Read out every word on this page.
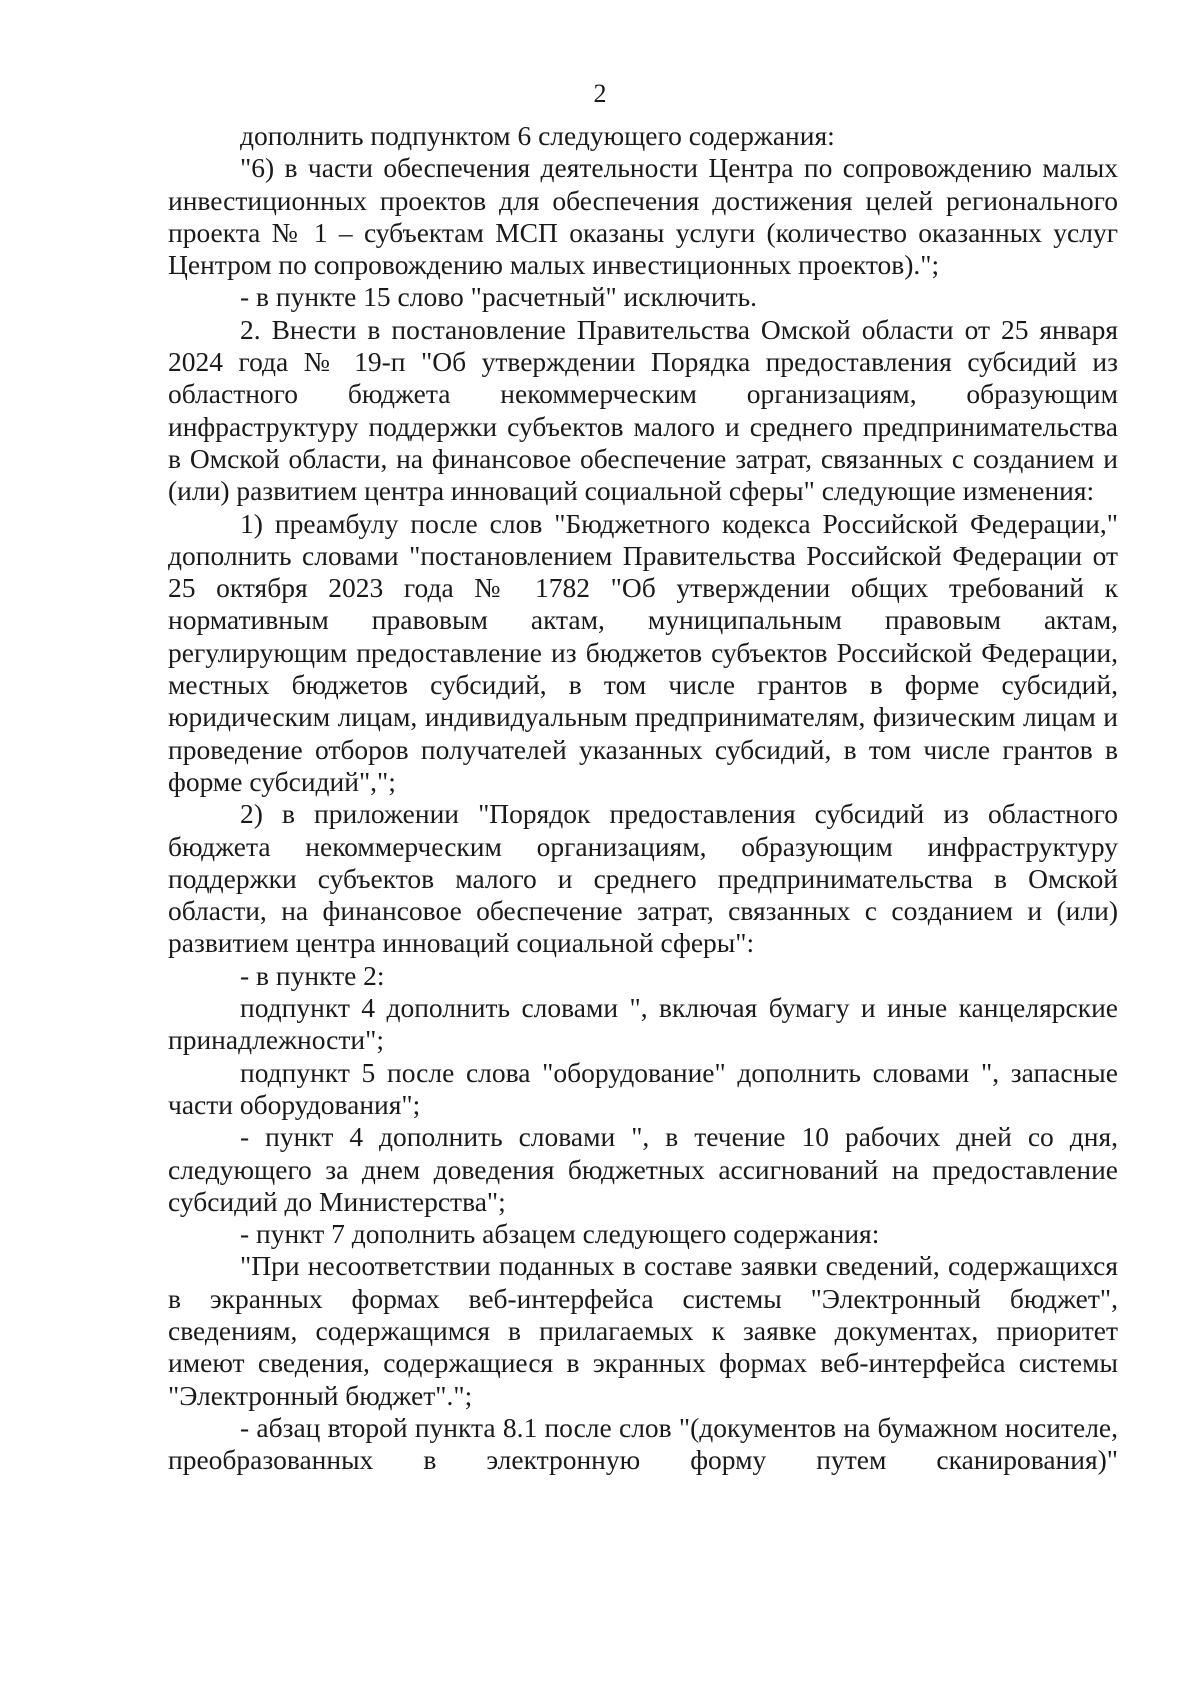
2

дополнить подпунктом 6 следующего содержания:

"6) в части обеспечения деятельности Центра по сопровождению малых инвестиционных проектов для обеспечения достижения целей регионального проекта № 1 – субъектам МСП оказаны услуги (количество оказанных услуг Центром по сопровождению малых инвестиционных проектов).";

- в пункте 15 слово "расчетный" исключить.

2. Внести в постановление Правительства Омской области от 25 января 2024 года № 19-п "Об утверждении Порядка предоставления субсидий из областного бюджета некоммерческим организациям, образующим инфраструктуру поддержки субъектов малого и среднего предпринимательства в Омской области, на финансовое обеспечение затрат, связанных с созданием и (или) развитием центра инноваций социальной сферы" следующие изменения:

1) преамбулу после слов "Бюджетного кодекса Российской Федерации," дополнить словами "постановлением Правительства Российской Федерации от 25 октября 2023 года № 1782 "Об утверждении общих требований к нормативным правовым актам, муниципальным правовым актам, регулирующим предоставление из бюджетов субъектов Российской Федерации, местных бюджетов субсидий, в том числе грантов в форме субсидий, юридическим лицам, индивидуальным предпринимателям, физическим лицам и проведение отборов получателей указанных субсидий, в том числе грантов в форме субсидий",";

2) в приложении "Порядок предоставления субсидий из областного бюджета некоммерческим организациям, образующим инфраструктуру поддержки субъектов малого и среднего предпринимательства в Омской области, на финансовое обеспечение затрат, связанных с созданием и (или) развитием центра инноваций социальной сферы":

- в пункте 2:

подпункт 4 дополнить словами ", включая бумагу и иные канцелярские принадлежности";

подпункт 5 после слова "оборудование" дополнить словами ", запасные части оборудования";

- пункт 4 дополнить словами ", в течение 10 рабочих дней со дня, следующего за днем доведения бюджетных ассигнований на предоставление субсидий до Министерства";

- пункт 7 дополнить абзацем следующего содержания:

"При несоответствии поданных в составе заявки сведений, содержащихся в экранных формах веб-интерфейса системы "Электронный бюджет", сведениям, содержащимся в прилагаемых к заявке документах, приоритет имеют сведения, содержащиеся в экранных формах веб-интерфейса системы "Электронный бюджет".";

- абзац второй пункта 8.1 после слов "(документов на бумажном носителе, преобразованных в электронную форму путем сканирования)"
